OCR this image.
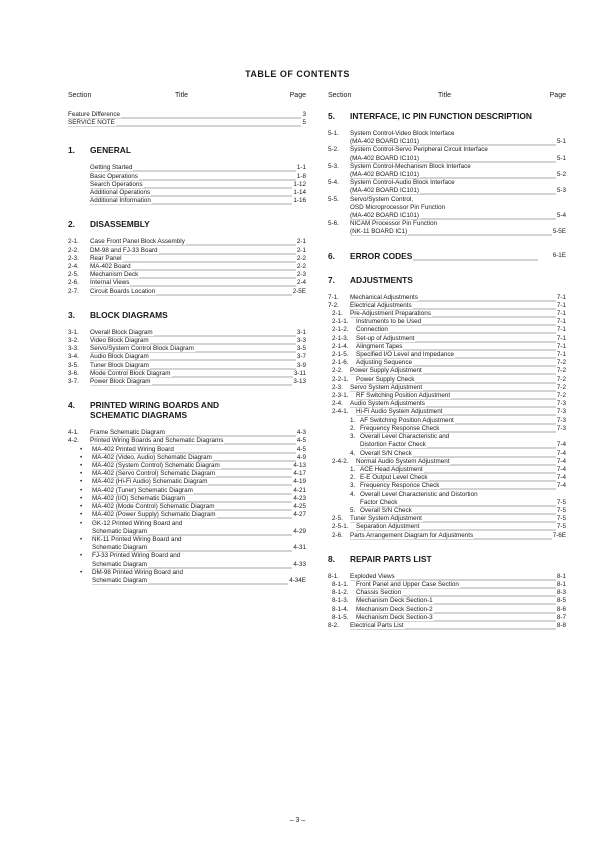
TABLE OF CONTENTS
Section	Title	Page
Feature Difference	3
SERVICE NOTE	5
1. GENERAL
Getting Started	1-1
Basic Operations	1-8
Search Operations	1-12
Additional Operations	1-14
Additional Information	1-16
2. DISASSEMBLY
2-1. Case Front Panel Block Assembly	2-1
2-2. DM-98 and FJ-33 Board	2-1
2-3. Rear Panel	2-2
2-4. MA-402 Board	2-2
2-5. Mechanism Deck	2-3
2-6. Internal Views	2-4
2-7. Circuit Boards Location	2-5E
3. BLOCK DIAGRAMS
3-1. Overall Block Diagram	3-1
3-2. Video Block Diagram	3-3
3-3. Servo/System Control Block Diagram	3-5
3-4. Audio Block Diagram	3-7
3-5. Tuner Block Diagram	3-9
3-6. Mode Control Block Diagram	3-11
3-7. Power Block Diagram	3-13
4. PRINTED WIRING BOARDS AND
SCHEMATIC DIAGRAMS
4-1. Frame Schematic Diagram	4-3
4-2. Printed Wiring Boards and Schematic Diagrams	4-5
• MA-402 Printed Wiring Board	4-5
• MA-402 (Video, Audio) Schematic Diagram	4-9
• MA-402 (System Control) Schematic Diagram	4-13
• MA-402 (Servo Control) Schematic Diagram	4-17
• MA-402 (Hi-Fi Audio) Schematic Diagram	4-19
• MA-402 (Tuner) Schematic Diagram	4-21
• MA-402 (I/O) Schematic Diagram	4-23
• MA-402 (Mode Control) Schematic Diagram	4-25
• MA-402 (Power Supply) Schematic Diagram	4-27
• GK-12 Printed Wiring Board and
Schematic Diagram	4-29
• NK-11 Printed Wiring Board and
Schematic Diagram	4-31
• FJ-33 Printed Wiring Board and
Schematic Diagram	4-33
• DM-98 Printed Wiring Board and
Schematic Diagram	4-34E
Section	Title	Page
5. INTERFACE, IC PIN FUNCTION DESCRIPTION
5-1. System Control-Video Block Interface
(MA-402 BOARD IC101)	5-1
5-2. System Control-Servo Peripheral Circuit Interface
(MA-402 BOARD IC101)	5-1
5-3. System Control-Mechanism Block Interface
(MA-402 BOARD IC101)	5-2
5-4. System Control-Audio Block Interface
(MA-402 BOARD IC101)	5-3
5-5. Servo/System Control,
OSD Microprocessor Pin Function
(MA-402 BOARD IC101)	5-4
5-6. NICAM Processor Pin Function
(NK-11 BOARD IC1)	5-5E
6. ERROR CODES	6-1E
7. ADJUSTMENTS
7-1. Mechanical Adjustments	7-1
7-2. Electrical Adjustments	7-1
2-1. Pre-Adjustment Preparations	7-1
2-1-1. Instruments to be Used	7-1
2-1-2. Connection	7-1
2-1-3. Set-up of Adjustment	7-1
2-1-4. Alingment Tapes	7-1
2-1-5. Specified I/O Level and Impedance	7-1
2-1-6. Adjusting Sequence	7-2
2-2. Power Supply Adjustment	7-2
2-2-1. Power Supply Check	7-2
2-3. Servo System Adjustment	7-2
2-3-1. RF Switching Position Adjustment	7-2
2-4. Audio System Adjustments	7-3
2-4-1. Hi-Fi Audio System Adjustment	7-3
1. AF Switching Position Adjustment	7-3
2. Frequency Response Check	7-3
3. Overall Level Characteristic and
Distortion Factor Check	7-4
4. Overall S/N Check	7-4
2-4-2. Normal Audio System Adjustment	7-4
1. ACE Head Adjustment	7-4
2. E-E Output Level Check	7-4
3. Frequency Responce Check	7-4
4. Overall Level Characteristic and Distortion
Factor Check	7-5
5. Overall S/N Check	7-5
2-5. Tuner System Adjustment	7-5
2-5-1. Separation Adjustment	7-5
2-6. Parts Arrangement Diagram for Adjustments	7-6E
8. REPAIR PARTS LIST
8-1. Exploded Views	8-1
8-1-1. Front Panel and Upper Case Section	8-1
8-1-2. Chassis Section	8-3
8-1-3. Mechanism Deck Section-1	8-5
8-1-4. Mechanism Deck Section-2	8-6
8-1-5. Mechanism Deck Section-3	8-7
8-2. Electrical Parts List	8-8
– 3 –
